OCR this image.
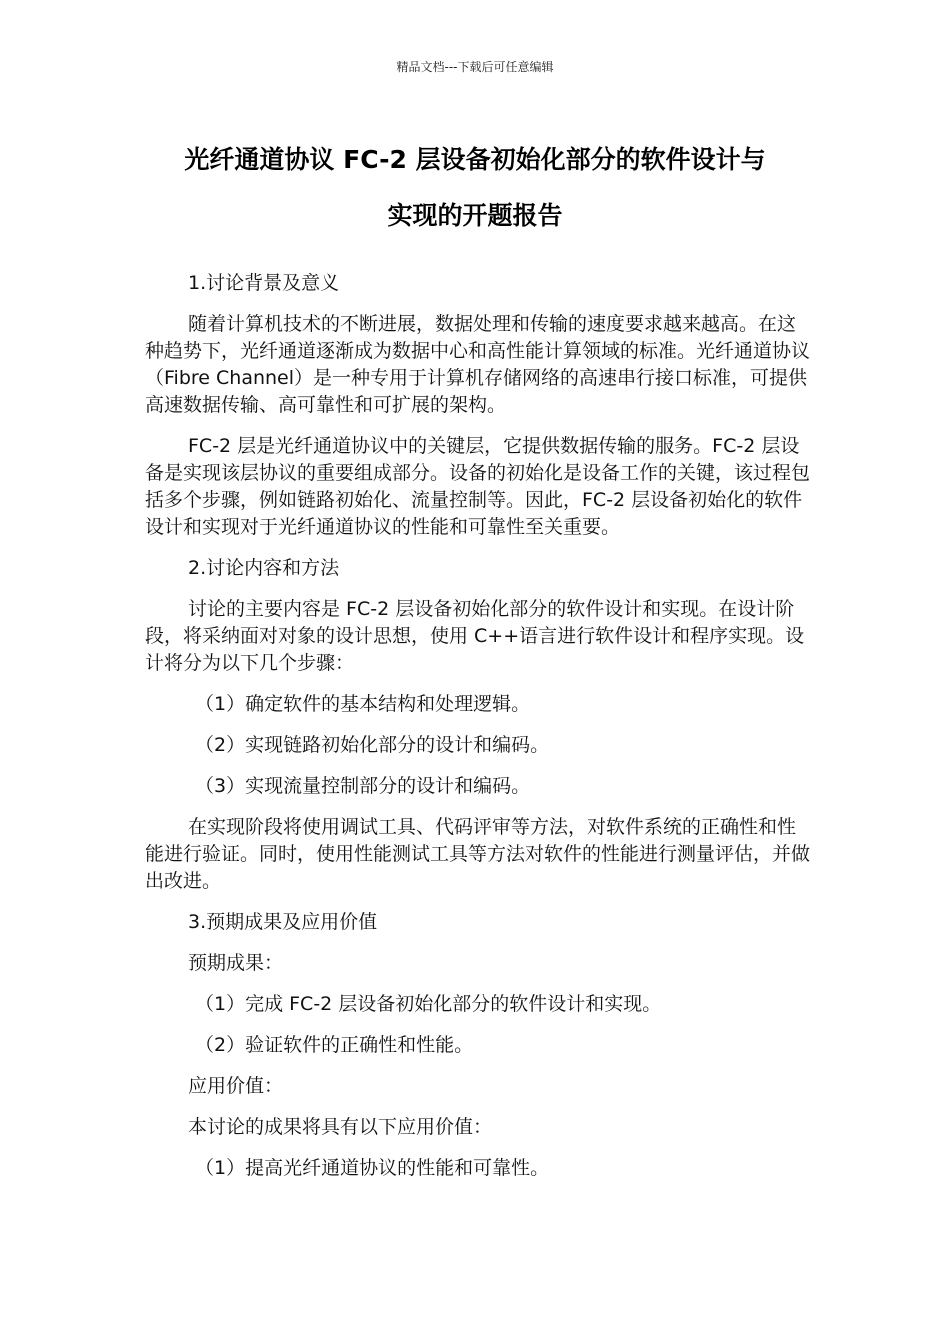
精品文档---下载后可任意编辑
光纤通道协议 FC-2 层设备初始化部分的软件设计与
实现的开题报告

1.讨论背景及意义

随着计算机技术的不断进展，数据处理和传输的速度要求越来越高。在这种趋势下，光纤通道逐渐成为数据中心和高性能计算领域的标准。光纤通道协议（Fibre Channel）是一种专用于计算机存储网络的高速串行接口标准，可提供高速数据传输、高可靠性和可扩展的架构。

FC-2 层是光纤通道协议中的关键层，它提供数据传输的服务。FC-2 层设备是实现该层协议的重要组成部分。设备的初始化是设备工作的关键，该过程包括多个步骤，例如链路初始化、流量控制等。因此，FC-2 层设备初始化的软件设计和实现对于光纤通道协议的性能和可靠性至关重要。

2.讨论内容和方法

讨论的主要内容是 FC-2 层设备初始化部分的软件设计和实现。在设计阶段，将采纳面对对象的设计思想，使用 C++语言进行软件设计和程序实现。设计将分为以下几个步骤：

（1）确定软件的基本结构和处理逻辑。

（2）实现链路初始化部分的设计和编码。

（3）实现流量控制部分的设计和编码。

在实现阶段将使用调试工具、代码评审等方法，对软件系统的正确性和性能进行验证。同时，使用性能测试工具等方法对软件的性能进行测量评估，并做出改进。

3.预期成果及应用价值

预期成果：

（1）完成 FC-2 层设备初始化部分的软件设计和实现。

（2）验证软件的正确性和性能。

应用价值：

本讨论的成果将具有以下应用价值：

（1）提高光纤通道协议的性能和可靠性。
